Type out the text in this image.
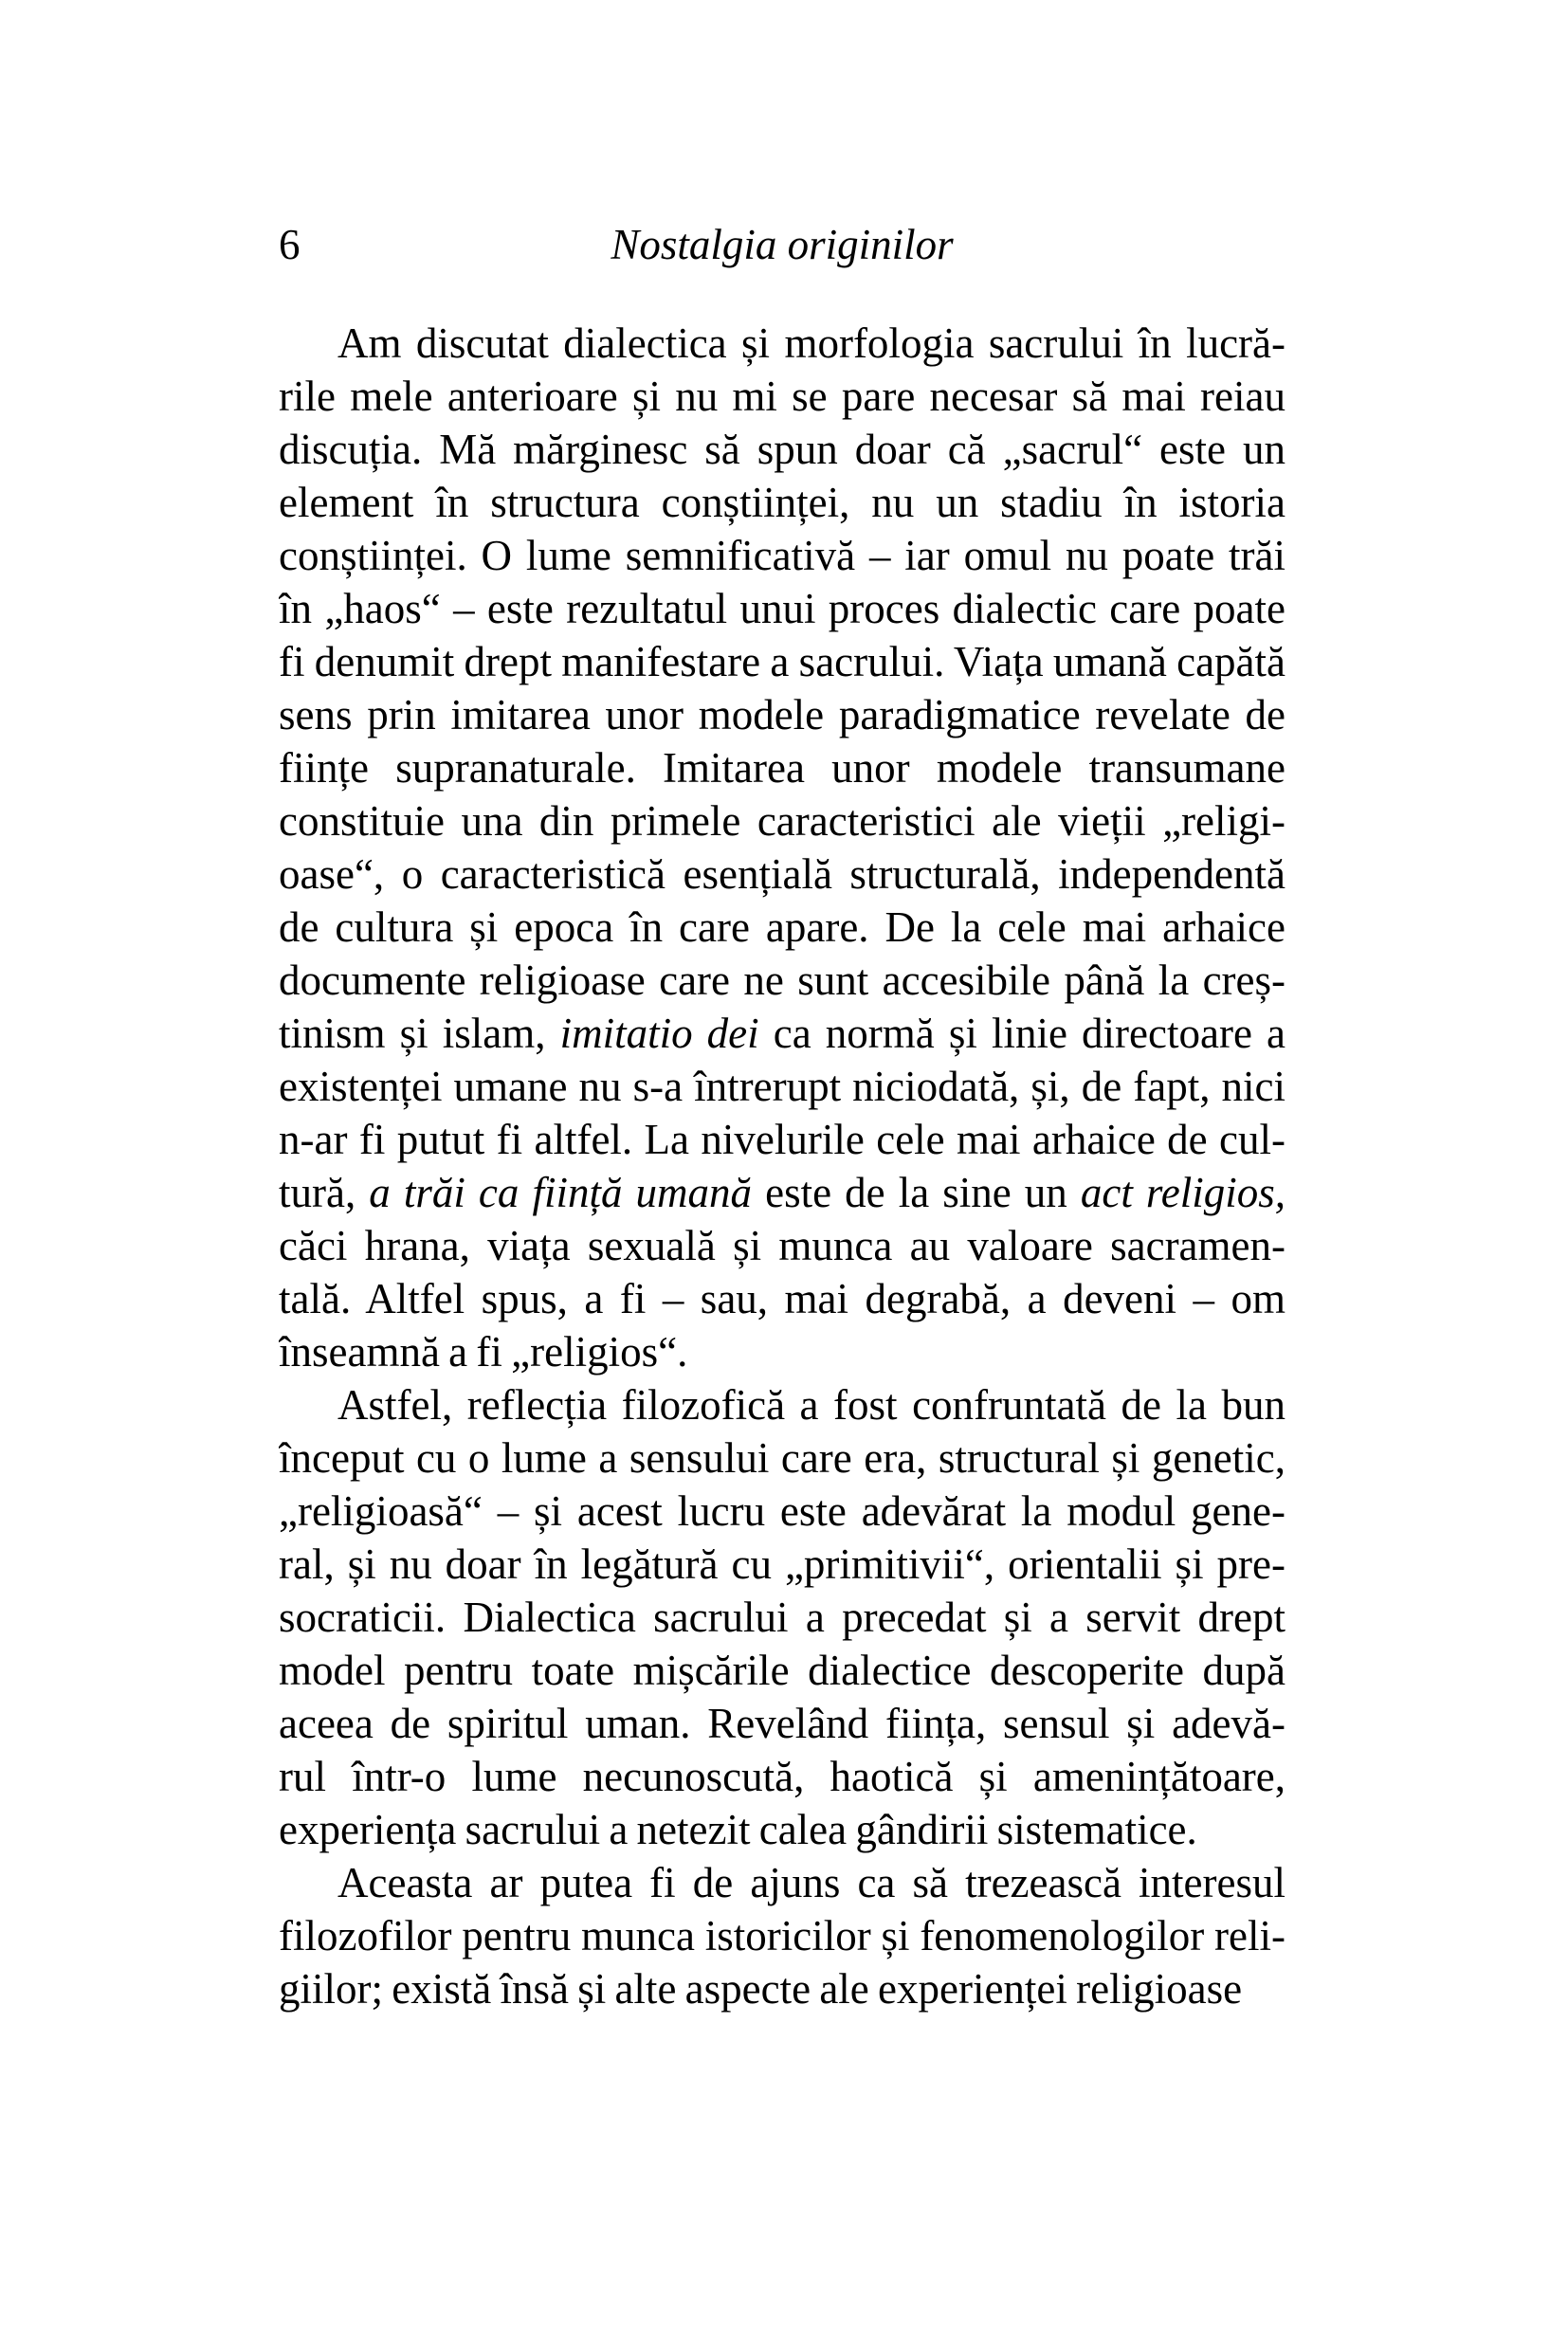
6	Nostalgia originilor
Am discutat dialectica și morfologia sacrului în lucră-
rile mele anterioare și nu mi se pare necesar să mai reiau
discuția. Mă mărginesc să spun doar că „sacrul“ este un
element în structura conștiinței, nu un stadiu în istoria
conștiinței. O lume semnificativă – iar omul nu poate trăi
în „haos“ – este rezultatul unui proces dialectic care poate
fi denumit drept manifestare a sacrului. Viața umană capătă
sens prin imitarea unor modele paradigmatice revelate de
ființe supranaturale. Imitarea unor modele transumane
constituie una din primele caracteristici ale vieții „religi-
oase“, o caracteristică esențială structurală, independentă
de cultura și epoca în care apare. De la cele mai arhaice
documente religioase care ne sunt accesibile până la creș-
tinism și islam, imitatio dei ca normă și linie directoare a
existenței umane nu s-a întrerupt niciodată, și, de fapt, nici
n-ar fi putut fi altfel. La nivelurile cele mai arhaice de cul-
tură, a trăi ca ființă umană este de la sine un act religios,
căci hrana, viața sexuală și munca au valoare sacramen-
tală. Altfel spus, a fi – sau, mai degrabă, a deveni – om
înseamnă a fi „religios“.
Astfel, reflecția filozofică a fost confruntată de la bun
început cu o lume a sensului care era, structural și genetic,
„religioasă“ – și acest lucru este adevărat la modul gene-
ral, și nu doar în legătură cu „primitivii“, orientalii și pre-
socraticii. Dialectica sacrului a precedat și a servit drept
model pentru toate mișcările dialectice descoperite după
aceea de spiritul uman. Revelând ființa, sensul și adevă-
rul într-o lume necunoscută, haotică și amenințătoare,
experiența sacrului a netezit calea gândirii sistematice.
Aceasta ar putea fi de ajuns ca să trezească interesul
filozofilor pentru munca istoricilor și fenomenologilor reli-
giilor; există însă și alte aspecte ale experienței religioase
